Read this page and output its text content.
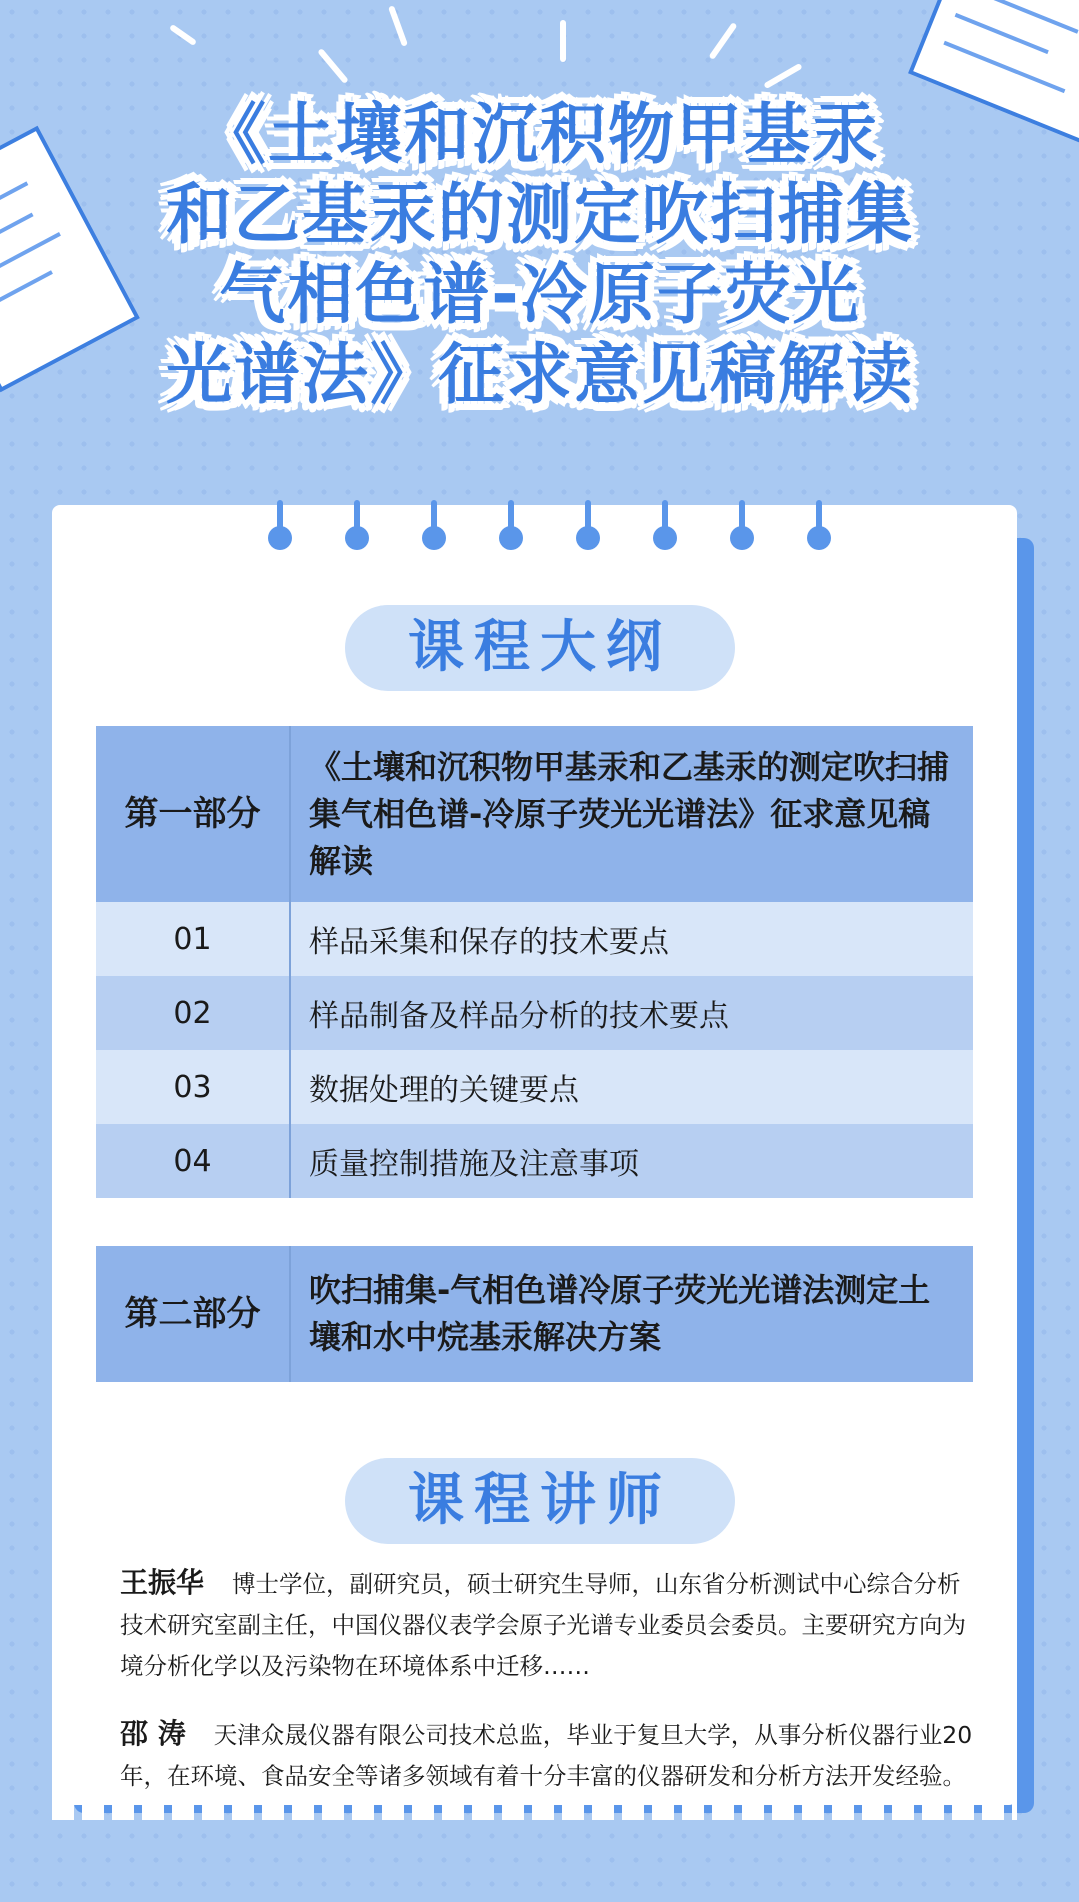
《土壤和沉积物甲基汞
和乙基汞的测定吹扫捕集
气相色谱-冷原子荧光
光谱法》征求意见稿解读
课程大纲
第一部分	《土壤和沉积物甲基汞和乙基汞的测定吹扫捕集气相色谱-冷原子荧光光谱法》征求意见稿解读
01	样品采集和保存的技术要点
02	样品制备及样品分析的技术要点
03	数据处理的关键要点
04	质量控制措施及注意事项
第二部分	吹扫捕集-气相色谱冷原子荧光光谱法测定土壤和水中烷基汞解决方案
课程讲师
王振华 博士学位，副研究员，硕士研究生导师，山东省分析测试中心综合分析技术研究室副主任，中国仪器仪表学会原子光谱专业委员会委员。主要研究方向为境分析化学以及污染物在环境体系中迁移……
邵 涛 天津众晟仪器有限公司技术总监，毕业于复旦大学，从事分析仪器行业20年，在环境、食品安全等诸多领域有着十分丰富的仪器研发和分析方法开发经验。
